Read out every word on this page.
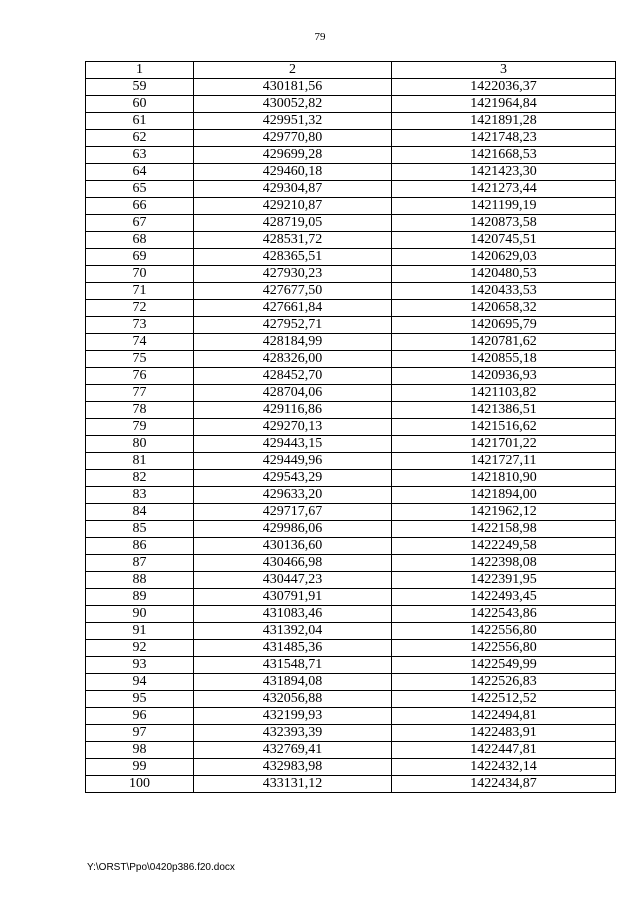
79
1	2	3
59	430181,56	1422036,37
60	430052,82	1421964,84
61	429951,32	1421891,28
62	429770,80	1421748,23
63	429699,28	1421668,53
64	429460,18	1421423,30
65	429304,87	1421273,44
66	429210,87	1421199,19
67	428719,05	1420873,58
68	428531,72	1420745,51
69	428365,51	1420629,03
70	427930,23	1420480,53
71	427677,50	1420433,53
72	427661,84	1420658,32
73	427952,71	1420695,79
74	428184,99	1420781,62
75	428326,00	1420855,18
76	428452,70	1420936,93
77	428704,06	1421103,82
78	429116,86	1421386,51
79	429270,13	1421516,62
80	429443,15	1421701,22
81	429449,96	1421727,11
82	429543,29	1421810,90
83	429633,20	1421894,00
84	429717,67	1421962,12
85	429986,06	1422158,98
86	430136,60	1422249,58
87	430466,98	1422398,08
88	430447,23	1422391,95
89	430791,91	1422493,45
90	431083,46	1422543,86
91	431392,04	1422556,80
92	431485,36	1422556,80
93	431548,71	1422549,99
94	431894,08	1422526,83
95	432056,88	1422512,52
96	432199,93	1422494,81
97	432393,39	1422483,91
98	432769,41	1422447,81
99	432983,98	1422432,14
100	433131,12	1422434,87
Y:\ORST\Ppo\0420p386.f20.docx
